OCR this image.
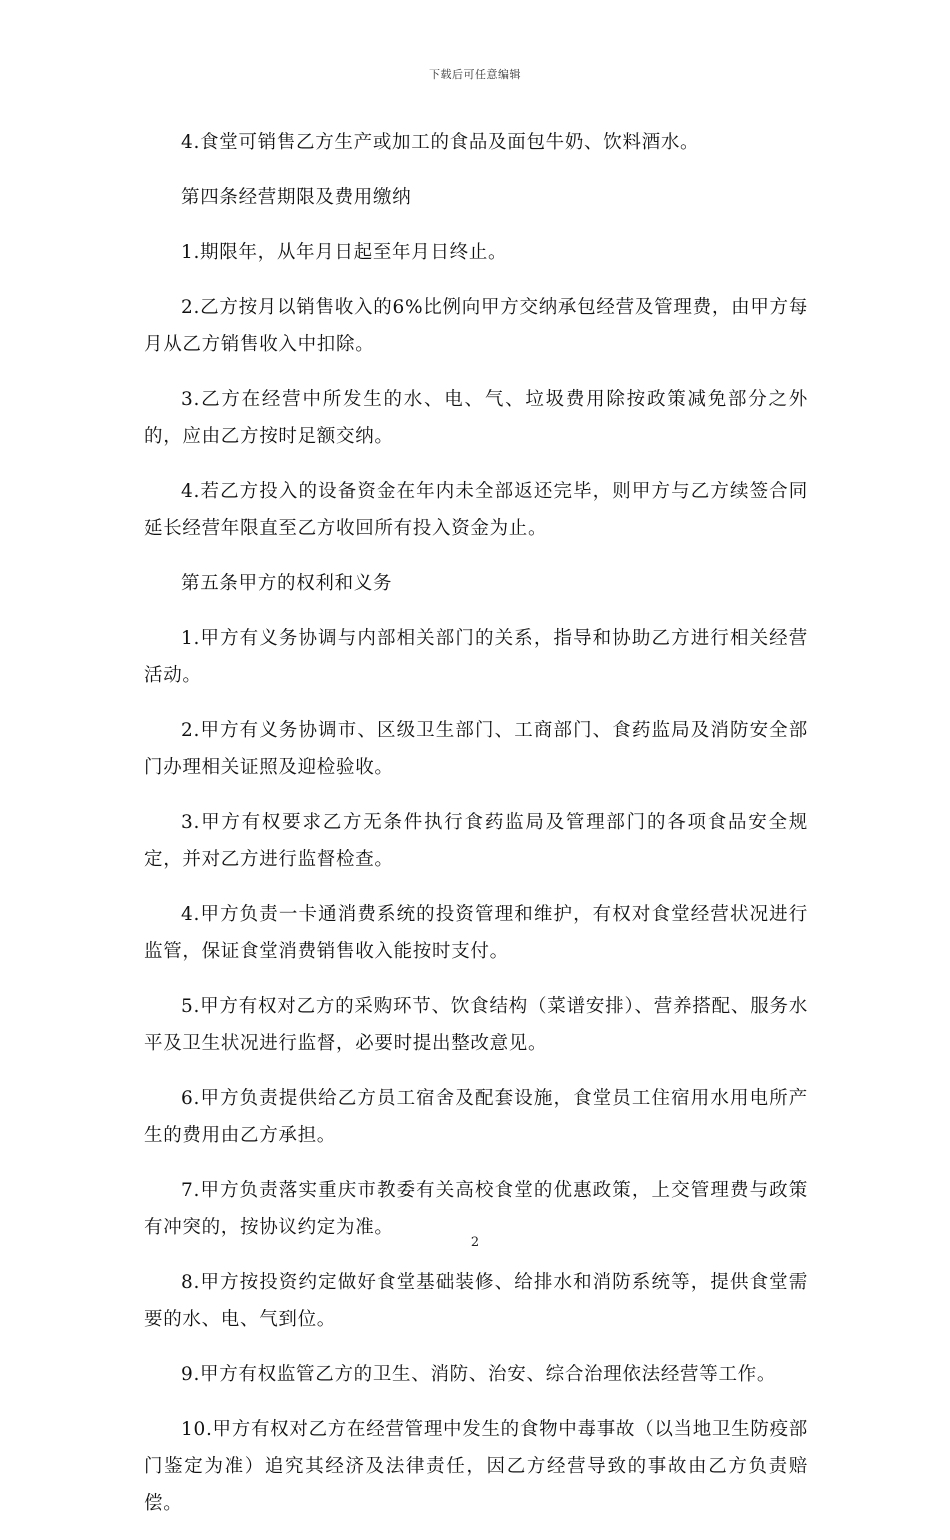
下载后可任意编辑

4.食堂可销售乙方生产或加工的食品及面包牛奶、饮料酒水。

第四条经营期限及费用缴纳

1.期限年，从年月日起至年月日终止。

2.乙方按月以销售收入的6%比例向甲方交纳承包经营及管理费，由甲方每月从乙方销售收入中扣除。

3.乙方在经营中所发生的水、电、气、垃圾费用除按政策减免部分之外的，应由乙方按时足额交纳。

4.若乙方投入的设备资金在年内未全部返还完毕，则甲方与乙方续签合同延长经营年限直至乙方收回所有投入资金为止。

第五条甲方的权利和义务

1.甲方有义务协调与内部相关部门的关系，指导和协助乙方进行相关经营活动。

2.甲方有义务协调市、区级卫生部门、工商部门、食药监局及消防安全部门办理相关证照及迎检验收。

3.甲方有权要求乙方无条件执行食药监局及管理部门的各项食品安全规定，并对乙方进行监督检查。

4.甲方负责一卡通消费系统的投资管理和维护，有权对食堂经营状况进行监管，保证食堂消费销售收入能按时支付。

5.甲方有权对乙方的采购环节、饮食结构（菜谱安排）、营养搭配、服务水平及卫生状况进行监督，必要时提出整改意见。

6.甲方负责提供给乙方员工宿舍及配套设施，食堂员工住宿用水用电所产生的费用由乙方承担。

7.甲方负责落实重庆市教委有关高校食堂的优惠政策，上交管理费与政策有冲突的，按协议约定为准。

8.甲方按投资约定做好食堂基础装修、给排水和消防系统等，提供食堂需要的水、电、气到位。

9.甲方有权监管乙方的卫生、消防、治安、综合治理依法经营等工作。

10.甲方有权对乙方在经营管理中发生的食物中毒事故（以当地卫生防疫部门鉴定为准）追究其经济及法律责任，因乙方经营导致的事故由乙方负责赔偿。

2
